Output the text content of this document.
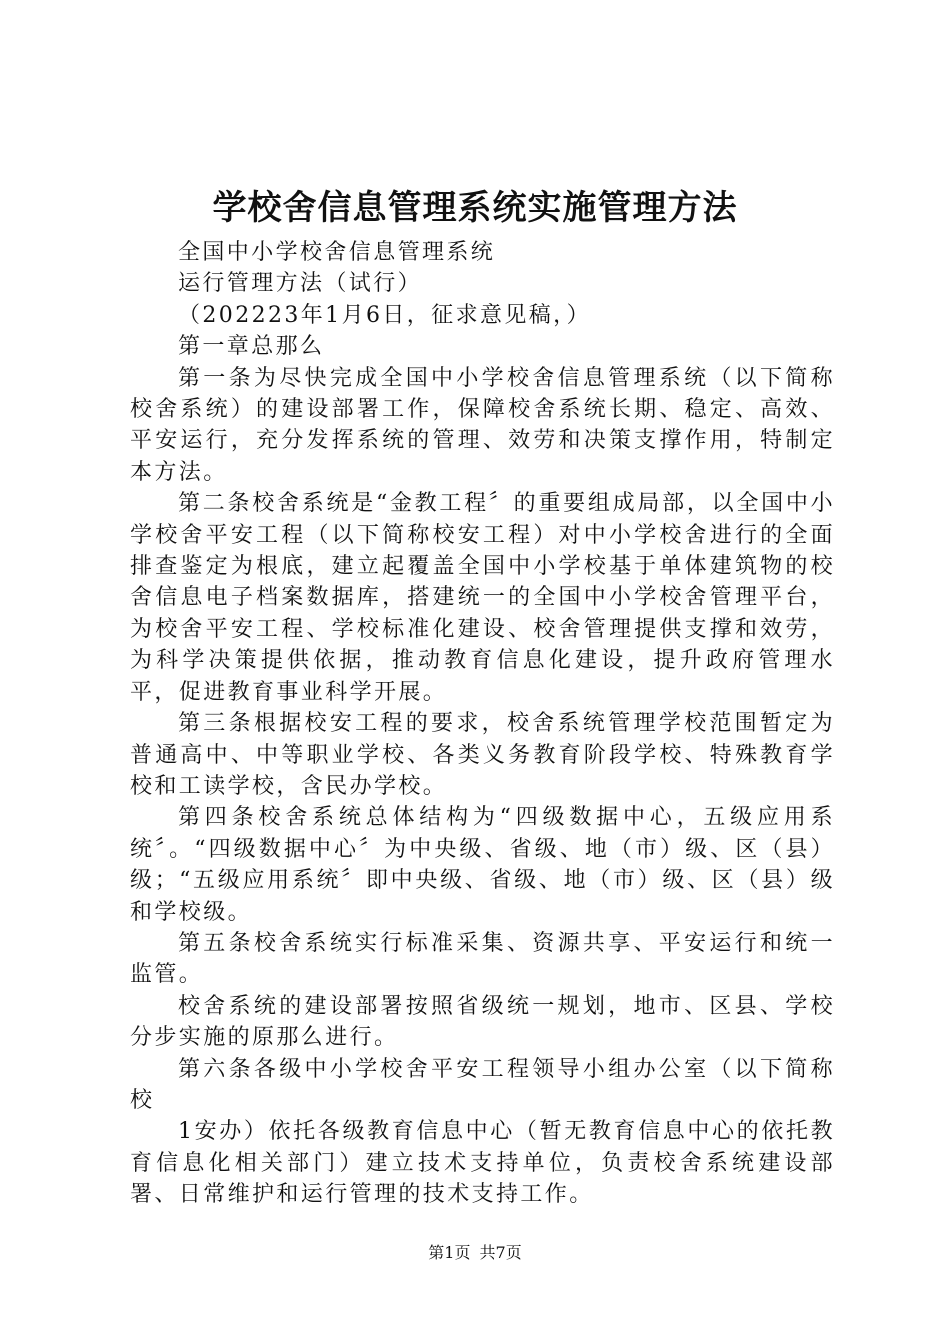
学校舍信息管理系统实施管理方法

全国中小学校舍信息管理系统

运行管理方法（试行）

（202223年1月6日，征求意见稿，）

第一章总那么

第一条为尽快完成全国中小学校舍信息管理系统（以下简称校舍系统）的建设部署工作，保障校舍系统长期、稳定、高效、平安运行，充分发挥系统的管理、效劳和决策支撑作用，特制定本方法。

第二条校舍系统是“金教工程〞的重要组成局部，以全国中小学校舍平安工程（以下简称校安工程）对中小学校舍进行的全面排查鉴定为根底，建立起覆盖全国中小学校基于单体建筑物的校舍信息电子档案数据库，搭建统一的全国中小学校舍管理平台，为校舍平安工程、学校标准化建设、校舍管理提供支撑和效劳，为科学决策提供依据，推动教育信息化建设，提升政府管理水平，促进教育事业科学开展。

第三条根据校安工程的要求，校舍系统管理学校范围暂定为普通高中、中等职业学校、各类义务教育阶段学校、特殊教育学校和工读学校，含民办学校。

第四条校舍系统总体结构为“四级数据中心，五级应用系统〞。“四级数据中心〞为中央级、省级、地（市）级、区（县）级；“五级应用系统〞即中央级、省级、地（市）级、区（县）级和学校级。

第五条校舍系统实行标准采集、资源共享、平安运行和统一监管。

校舍系统的建设部署按照省级统一规划，地市、区县、学校分步实施的原那么进行。

第六条各级中小学校舍平安工程领导小组办公室（以下简称校

1安办）依托各级教育信息中心（暂无教育信息中心的依托教育信息化相关部门）建立技术支持单位，负责校舍系统建设部署、日常维护和运行管理的技术支持工作。

第1页 共7页
